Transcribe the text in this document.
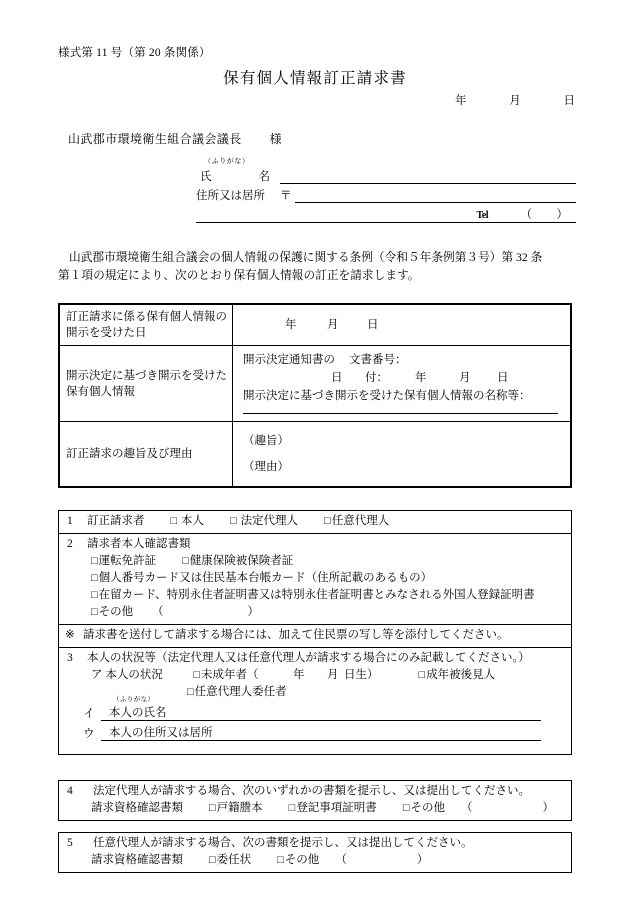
様式第 11 号（第 20 条関係）
保有個人情報訂正請求書
年	月	日
山武郡市環境衛生組合議会議長 様
（ふりがな）
氏	名
住所又は居所	〒
Tel	（ ）
山武郡市環境衛生組合議会の個人情報の保護に関する条例（令和５年条例第３号）第 32 条
第１項の規定により、次のとおり保有個人情報の訂正を請求します。
訂正請求に係る保有個人情報の開示を受けた日	年 月 日
開示決定に基づき開示を受けた保有個人情報	開示決定通知書の 文書番号：
日 付： 年 月 日
開示決定に基づき開示を受けた保有個人情報の名称等：

訂正請求の趣旨及び理由	（趣旨）
（理由）
1 訂正請求者	□ 本人	□ 法定代理人	□ 任意代理人
2 請求者本人確認書類
□ 運転免許証	□ 健康保険被保険者証
□ 個人番号カード又は住民基本台帳カード（住所記載のあるもの）
□ 在留カード、特別永住者証明書又は特別永住者証明書とみなされる外国人登録証明書
□ その他 （	）
※ 請求書を送付して請求する場合には、加えて住民票の写し等を添付してください。
3 本人の状況等（法定代理人又は任意代理人が請求する場合にのみ記載してください。）
ア 本人の状況	□ 未成年者（	年 月 日生）	□ 成年被後見人
□ 任意代理人委任者
イ
（ふりがな）
本人の氏名
ウ	本人の住所又は居所
4 法定代理人が請求する場合、次のいずれかの書類を提示し、又は提出してください。
請求資格確認書類	□ 戸籍謄本	□ 登記事項証明書	□ その他 （	）
5 任意代理人が請求する場合、次の書類を提示し、又は提出してください。
請求資格確認書類	□ 委任状	□ その他 （	）
